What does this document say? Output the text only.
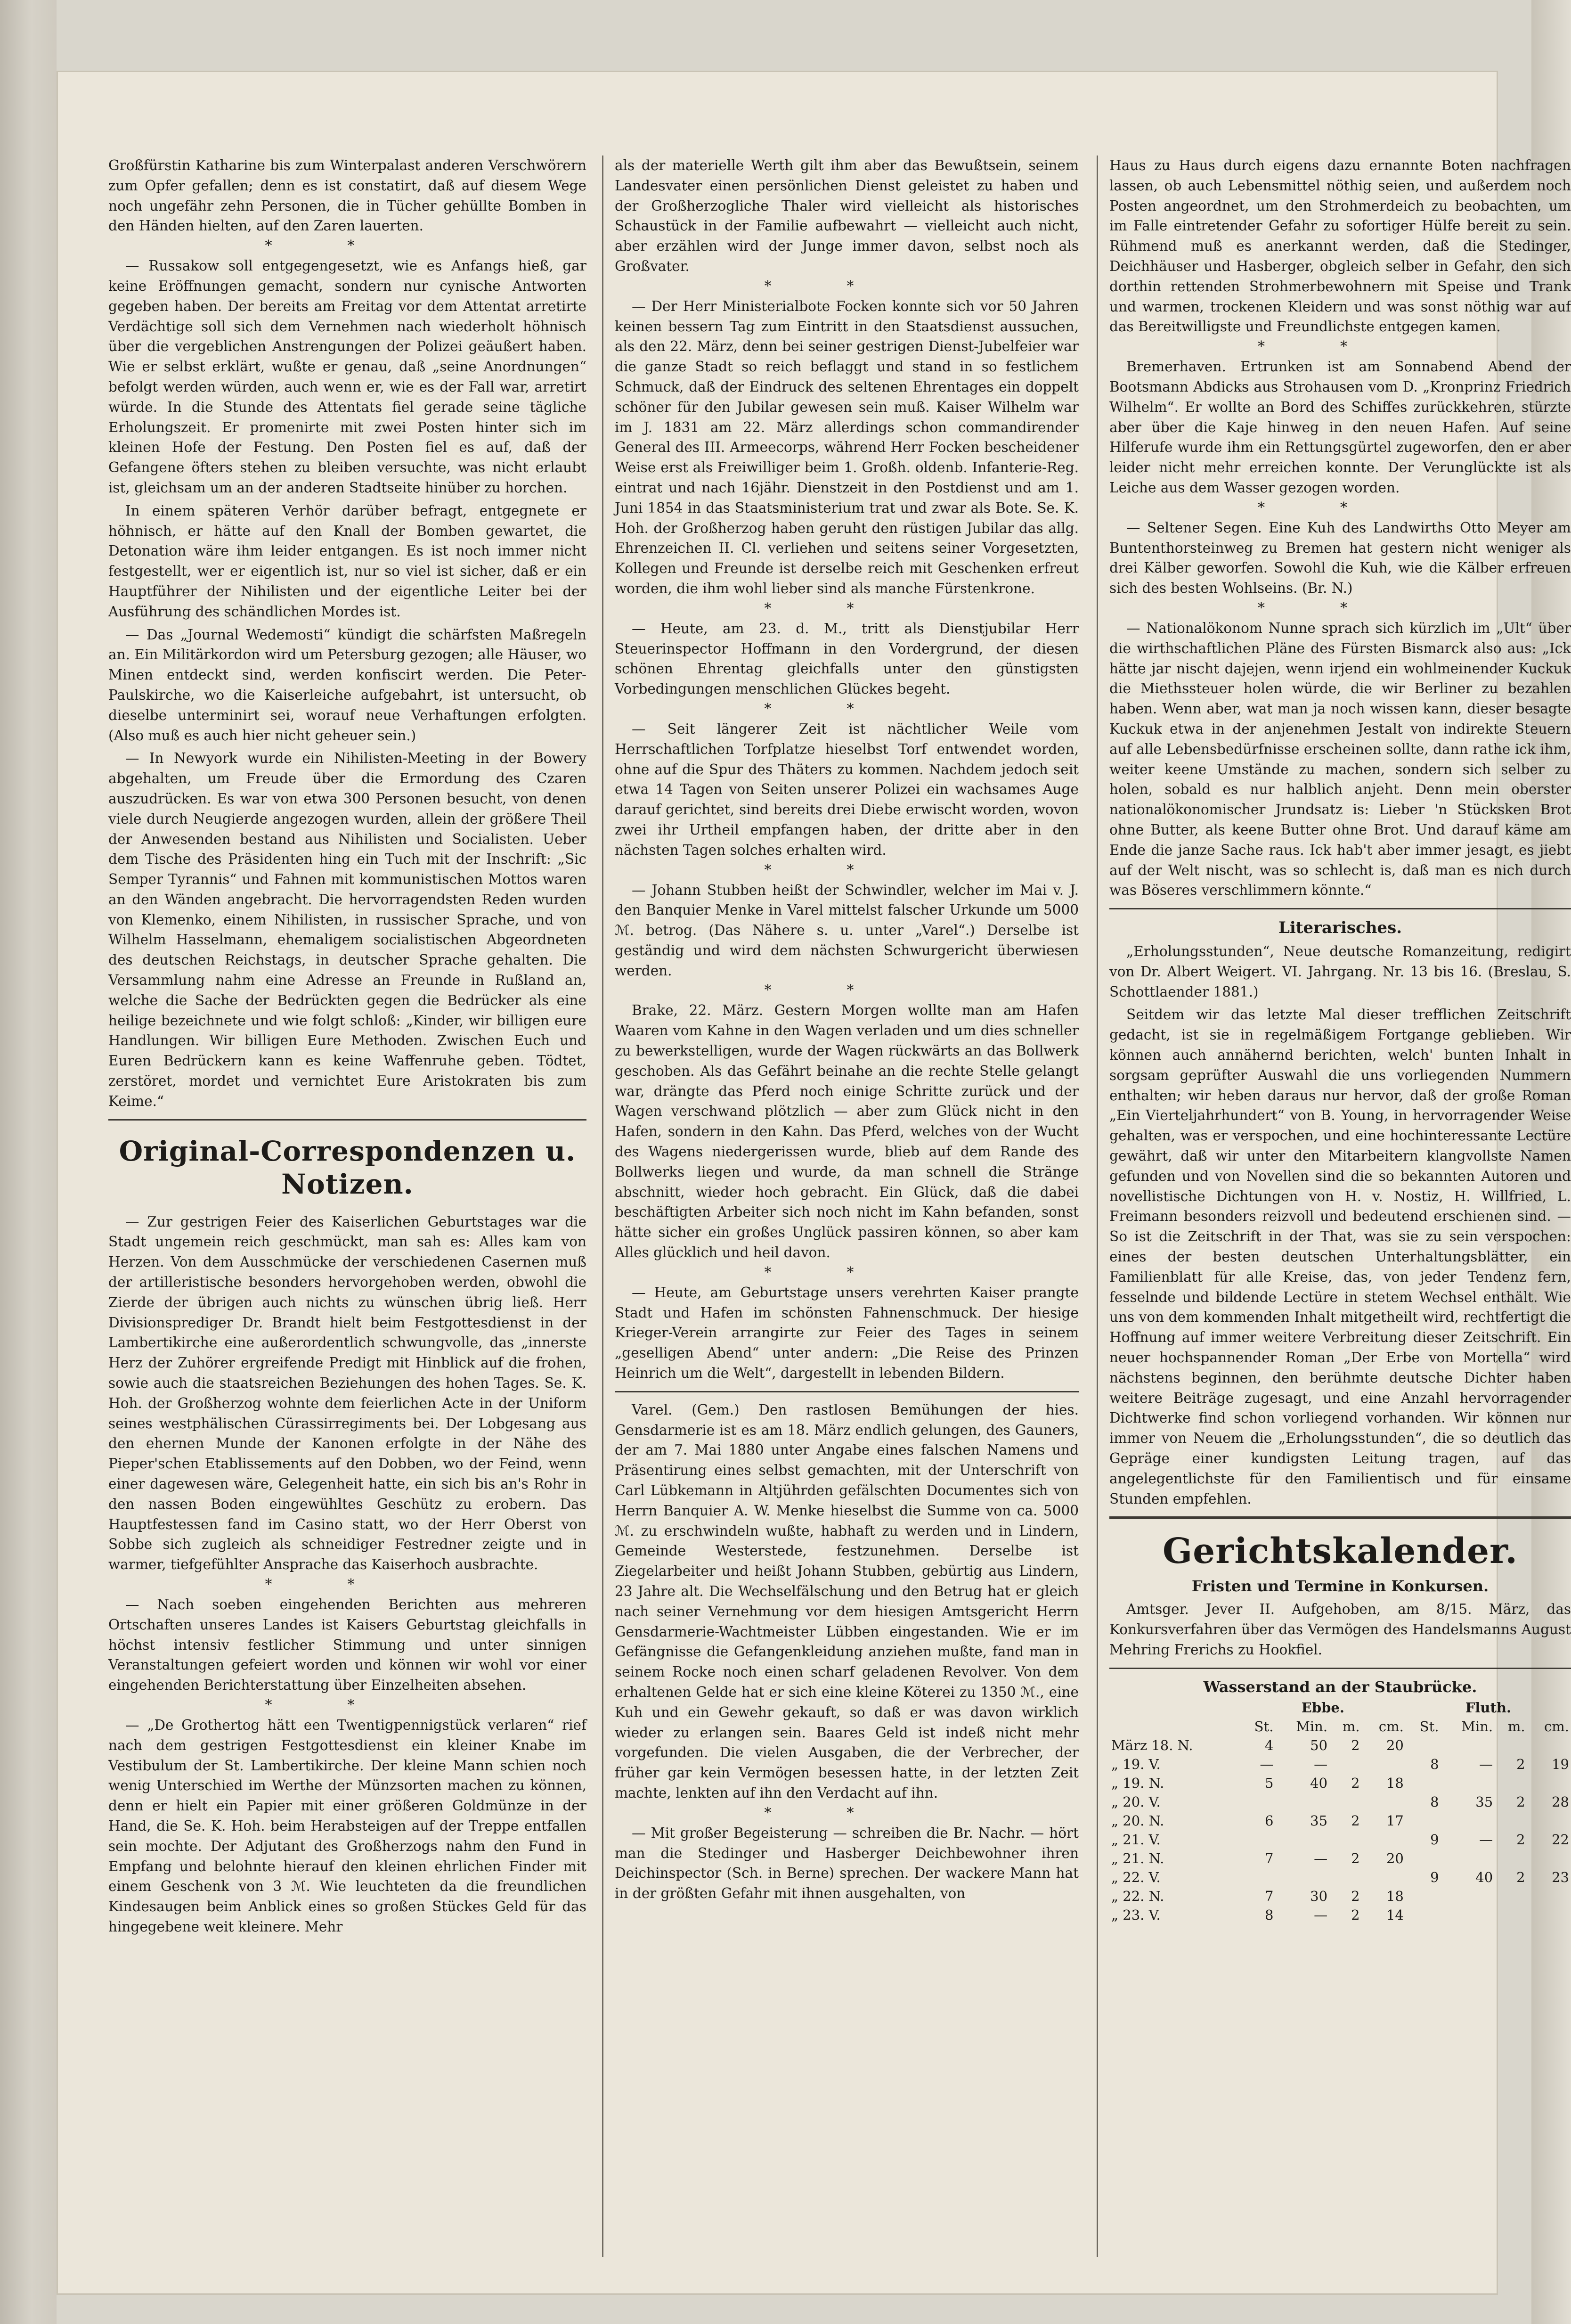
Großfürstin Katharine bis zum Winterpalast anderen Verschwörern zum Opfer gefallen; denn es ist constatirt, daß auf diesem Wege noch ungefähr zehn Personen, die in Tücher gehüllte Bomben in den Händen hielten, auf den Zaren lauerten.

**

— Russakow soll entgegengesetzt, wie es Anfangs hieß, gar keine Eröffnungen gemacht, sondern nur cynische Antworten gegeben haben. Der bereits am Freitag vor dem Attentat arretirte Verdächtige soll sich dem Vernehmen nach wiederholt höhnisch über die vergeblichen Anstrengungen der Polizei geäußert haben. Wie er selbst erklärt, wußte er genau, daß „seine Anordnungen“ befolgt werden würden, auch wenn er, wie es der Fall war, arretirt würde. In die Stunde des Attentats fiel gerade seine tägliche Erholungszeit. Er promenirte mit zwei Posten hinter sich im kleinen Hofe der Festung. Den Posten fiel es auf, daß der Gefangene öfters stehen zu bleiben versuchte, was nicht erlaubt ist, gleichsam um an der anderen Stadtseite hinüber zu horchen.

In einem späteren Verhör darüber befragt, entgegnete er höhnisch, er hätte auf den Knall der Bomben gewartet, die Detonation wäre ihm leider entgangen. Es ist noch immer nicht festgestellt, wer er eigentlich ist, nur so viel ist sicher, daß er ein Hauptführer der Nihilisten und der eigentliche Leiter bei der Ausführung des schändlichen Mordes ist.

— Das „Journal Wedemosti“ kündigt die schärfsten Maßregeln an. Ein Militärkordon wird um Petersburg gezogen; alle Häuser, wo Minen entdeckt sind, werden konfiscirt werden. Die Peter-Paulskirche, wo die Kaiserleiche aufgebahrt, ist untersucht, ob dieselbe unterminirt sei, worauf neue Verhaftungen erfolgten. (Also muß es auch hier nicht geheuer sein.)

— In Newyork wurde ein Nihilisten-Meeting in der Bowery abgehalten, um Freude über die Ermordung des Czaren auszudrücken. Es war von etwa 300 Personen besucht, von denen viele durch Neugierde angezogen wurden, allein der größere Theil der Anwesenden bestand aus Nihilisten und Socialisten. Ueber dem Tische des Präsidenten hing ein Tuch mit der Inschrift: „Sic Semper Tyrannis“ und Fahnen mit kommunistischen Mottos waren an den Wänden angebracht. Die hervorragendsten Reden wurden von Klemenko, einem Nihilisten, in russischer Sprache, und von Wilhelm Hasselmann, ehemaligem socialistischen Abgeordneten des deutschen Reichstags, in deutscher Sprache gehalten. Die Versammlung nahm eine Adresse an Freunde in Rußland an, welche die Sache der Bedrückten gegen die Bedrücker als eine heilige bezeichnete und wie folgt schloß: „Kinder, wir billigen eure Handlungen. Wir billigen Eure Methoden. Zwischen Euch und Euren Bedrückern kann es keine Waffenruhe geben. Tödtet, zerstöret, mordet und vernichtet Eure Aristokraten bis zum Keime.“

Original-Correspondenzen u. Notizen.

— Zur gestrigen Feier des Kaiserlichen Geburtstages war die Stadt ungemein reich geschmückt, man sah es: Alles kam von Herzen. Von dem Ausschmücke der verschiedenen Casernen muß der artilleristische besonders hervorgehoben werden, obwohl die Zierde der übrigen auch nichts zu wünschen übrig ließ. Herr Divisionsprediger Dr. Brandt hielt beim Festgottesdienst in der Lambertikirche eine außerordentlich schwungvolle, das „innerste Herz der Zuhörer ergreifende Predigt mit Hinblick auf die frohen, sowie auch die staatsreichen Beziehungen des hohen Tages. Se. K. Hoh. der Großherzog wohnte dem feierlichen Acte in der Uniform seines westphälischen Cürassirregiments bei. Der Lobgesang aus den ehernen Munde der Kanonen erfolgte in der Nähe des Pieper'schen Etablissements auf den Dobben, wo der Feind, wenn einer dagewesen wäre, Gelegenheit hatte, ein sich bis an's Rohr in den nassen Boden eingewühltes Geschütz zu erobern. Das Hauptfestessen fand im Casino statt, wo der Herr Oberst von Sobbe sich zugleich als schneidiger Festredner zeigte und in warmer, tiefgefühlter Ansprache das Kaiserhoch ausbrachte.

**

— Nach soeben eingehenden Berichten aus mehreren Ortschaften unseres Landes ist Kaisers Geburtstag gleichfalls in höchst intensiv festlicher Stimmung und unter sinnigen Veranstaltungen gefeiert worden und können wir wohl vor einer eingehenden Berichterstattung über Einzelheiten absehen.

**

— „De Grothertog hätt een Twentigpennigstück verlaren“ rief nach dem gestrigen Festgottesdienst ein kleiner Knabe im Vestibulum der St. Lambertikirche. Der kleine Mann schien noch wenig Unterschied im Werthe der Münzsorten machen zu können, denn er hielt ein Papier mit einer größeren Goldmünze in der Hand, die Se. K. Hoh. beim Herabsteigen auf der Treppe entfallen sein mochte. Der Adjutant des Großherzogs nahm den Fund in Empfang und belohnte hierauf den kleinen ehrlichen Finder mit einem Geschenk von 3 ℳ. Wie leuchteten da die freundlichen Kindesaugen beim Anblick eines so großen Stückes Geld für das hingegebene weit kleinere. Mehr

als der materielle Werth gilt ihm aber das Bewußtsein, seinem Landesvater einen persönlichen Dienst geleistet zu haben und der Großherzogliche Thaler wird vielleicht als historisches Schaustück in der Familie aufbewahrt — vielleicht auch nicht, aber erzählen wird der Junge immer davon, selbst noch als Großvater.

**

— Der Herr Ministerialbote Focken konnte sich vor 50 Jahren keinen bessern Tag zum Eintritt in den Staatsdienst aussuchen, als den 22. März, denn bei seiner gestrigen Dienst-Jubelfeier war die ganze Stadt so reich beflaggt und stand in so festlichem Schmuck, daß der Eindruck des seltenen Ehrentages ein doppelt schöner für den Jubilar gewesen sein muß. Kaiser Wilhelm war im J. 1831 am 22. März allerdings schon commandirender General des III. Armeecorps, während Herr Focken bescheidener Weise erst als Freiwilliger beim 1. Großh. oldenb. Infanterie-Reg. eintrat und nach 16jähr. Dienstzeit in den Postdienst und am 1. Juni 1854 in das Staatsministerium trat und zwar als Bote. Se. K. Hoh. der Großherzog haben geruht den rüstigen Jubilar das allg. Ehrenzeichen II. Cl. verliehen und seitens seiner Vorgesetzten, Kollegen und Freunde ist derselbe reich mit Geschenken erfreut worden, die ihm wohl lieber sind als manche Fürstenkrone.

**

— Heute, am 23. d. M., tritt als Dienstjubilar Herr Steuerinspector Hoffmann in den Vordergrund, der diesen schönen Ehrentag gleichfalls unter den günstigsten Vorbedingungen menschlichen Glückes begeht.

**

— Seit längerer Zeit ist nächtlicher Weile vom Herrschaftlichen Torfplatze hieselbst Torf entwendet worden, ohne auf die Spur des Thäters zu kommen. Nachdem jedoch seit etwa 14 Tagen von Seiten unserer Polizei ein wachsames Auge darauf gerichtet, sind bereits drei Diebe erwischt worden, wovon zwei ihr Urtheil empfangen haben, der dritte aber in den nächsten Tagen solches erhalten wird.

**

— Johann Stubben heißt der Schwindler, welcher im Mai v. J. den Banquier Menke in Varel mittelst falscher Urkunde um 5000 ℳ. betrog. (Das Nähere s. u. unter „Varel“.) Derselbe ist geständig und wird dem nächsten Schwurgericht überwiesen werden.

**

Brake, 22. März. Gestern Morgen wollte man am Hafen Waaren vom Kahne in den Wagen verladen und um dies schneller zu bewerkstelligen, wurde der Wagen rückwärts an das Bollwerk geschoben. Als das Gefährt beinahe an die rechte Stelle gelangt war, drängte das Pferd noch einige Schritte zurück und der Wagen verschwand plötzlich — aber zum Glück nicht in den Hafen, sondern in den Kahn. Das Pferd, welches von der Wucht des Wagens niedergerissen wurde, blieb auf dem Rande des Bollwerks liegen und wurde, da man schnell die Stränge abschnitt, wieder hoch gebracht. Ein Glück, daß die dabei beschäftigten Arbeiter sich noch nicht im Kahn befanden, sonst hätte sicher ein großes Unglück passiren können, so aber kam Alles glücklich und heil davon.

**

— Heute, am Geburtstage unsers verehrten Kaiser prangte Stadt und Hafen im schönsten Fahnenschmuck. Der hiesige Krieger-Verein arrangirte zur Feier des Tages in seinem „geselligen Abend“ unter andern: „Die Reise des Prinzen Heinrich um die Welt“, dargestellt in lebenden Bildern.

Varel. (Gem.) Den rastlosen Bemühungen der hies. Gensdarmerie ist es am 18. März endlich gelungen, des Gauners, der am 7. Mai 1880 unter Angabe eines falschen Namens und Präsentirung eines selbst gemachten, mit der Unterschrift von Carl Lübkemann in Altjührden gefälschten Documentes sich von Herrn Banquier A. W. Menke hieselbst die Summe von ca. 5000 ℳ. zu erschwindeln wußte, habhaft zu werden und in Lindern, Gemeinde Westerstede, festzunehmen. Derselbe ist Ziegelarbeiter und heißt Johann Stubben, gebürtig aus Lindern, 23 Jahre alt. Die Wechselfälschung und den Betrug hat er gleich nach seiner Vernehmung vor dem hiesigen Amtsgericht Herrn Gensdarmerie-Wachtmeister Lübben eingestanden. Wie er im Gefängnisse die Gefangenkleidung anziehen mußte, fand man in seinem Rocke noch einen scharf geladenen Revolver. Von dem erhaltenen Gelde hat er sich eine kleine Köterei zu 1350 ℳ., eine Kuh und ein Gewehr gekauft, so daß er was davon wirklich wieder zu erlangen sein. Baares Geld ist indeß nicht mehr vorgefunden. Die vielen Ausgaben, die der Verbrecher, der früher gar kein Vermögen besessen hatte, in der letzten Zeit machte, lenkten auf ihn den Verdacht auf ihn.

**

— Mit großer Begeisterung — schreiben die Br. Nachr. — hört man die Stedinger und Hasberger Deichbewohner ihren Deichinspector (Sch. in Berne) sprechen. Der wackere Mann hat in der größten Gefahr mit ihnen ausgehalten, von

Haus zu Haus durch eigens dazu ernannte Boten nachfragen lassen, ob auch Lebensmittel nöthig seien, und außerdem noch Posten angeordnet, um den Strohmerdeich zu beobachten, um im Falle eintretender Gefahr zu sofortiger Hülfe bereit zu sein. Rühmend muß es anerkannt werden, daß die Stedinger, Deichhäuser und Hasberger, obgleich selber in Gefahr, den sich dorthin rettenden Strohmerbewohnern mit Speise und Trank und warmen, trockenen Kleidern und was sonst nöthig war auf das Bereitwilligste und Freundlichste entgegen kamen.

**

Bremerhaven. Ertrunken ist am Sonnabend Abend der Bootsmann Abdicks aus Strohausen vom D. „Kronprinz Friedrich Wilhelm“. Er wollte an Bord des Schiffes zurückkehren, stürzte aber über die Kaje hinweg in den neuen Hafen. Auf seine Hilferufe wurde ihm ein Rettungsgürtel zugeworfen, den er aber leider nicht mehr erreichen konnte. Der Verunglückte ist als Leiche aus dem Wasser gezogen worden.

**

— Seltener Segen. Eine Kuh des Landwirths Otto Meyer am Buntenthorsteinweg zu Bremen hat gestern nicht weniger als drei Kälber geworfen. Sowohl die Kuh, wie die Kälber erfreuen sich des besten Wohlseins. (Br. N.)

**

— Nationalökonom Nunne sprach sich kürzlich im „Ult“ über die wirthschaftlichen Pläne des Fürsten Bismarck also aus: „Ick hätte jar nischt dajejen, wenn irjend ein wohlmeinender Kuckuk die Miethssteuer holen würde, die wir Berliner zu bezahlen haben. Wenn aber, wat man ja noch wissen kann, dieser besagte Kuckuk etwa in der anjenehmen Jestalt von indirekte Steuern auf alle Lebensbedürfnisse erscheinen sollte, dann rathe ick ihm, weiter keene Umstände zu machen, sondern sich selber zu holen, sobald es nur halblich anjeht. Denn mein oberster nationalökonomischer Jrundsatz is: Lieber 'n Stücksken Brot ohne Butter, als keene Butter ohne Brot. Und darauf käme am Ende die janze Sache raus. Ick hab't aber immer jesagt, es jiebt auf der Welt nischt, was so schlecht is, daß man es nich durch was Böseres verschlimmern könnte.“

Literarisches.

„Erholungsstunden“, Neue deutsche Romanzeitung, redigirt von Dr. Albert Weigert. VI. Jahrgang. Nr. 13 bis 16. (Breslau, S. Schottlaender 1881.)

Seitdem wir das letzte Mal dieser trefflichen Zeitschrift gedacht, ist sie in regelmäßigem Fortgange geblieben. Wir können auch annähernd berichten, welch' bunten Inhalt in sorgsam geprüfter Auswahl die uns vorliegenden Nummern enthalten; wir heben daraus nur hervor, daß der große Roman „Ein Vierteljahrhundert“ von B. Young, in hervorragender Weise gehalten, was er verspochen, und eine hochinteressante Lectüre gewährt, daß wir unter den Mitarbeitern klangvollste Namen gefunden und von Novellen sind die so bekannten Autoren und novellistische Dichtungen von H. v. Nostiz, H. Willfried, L. Freimann besonders reizvoll und bedeutend erschienen sind. — So ist die Zeitschrift in der That, was sie zu sein verspochen: eines der besten deutschen Unterhaltungsblätter, ein Familienblatt für alle Kreise, das, von jeder Tendenz fern, fesselnde und bildende Lectüre in stetem Wechsel enthält. Wie uns von dem kommenden Inhalt mitgetheilt wird, rechtfertigt die Hoffnung auf immer weitere Verbreitung dieser Zeitschrift. Ein neuer hochspannender Roman „Der Erbe von Mortella“ wird nächstens beginnen, den berühmte deutsche Dichter haben weitere Beiträge zugesagt, und eine Anzahl hervorragender Dichtwerke find schon vorliegend vorhanden. Wir können nur immer von Neuem die „Erholungsstunden“, die so deutlich das Gepräge einer kundigsten Leitung tragen, auf das angelegentlichste für den Familientisch und für einsame Stunden empfehlen.

Gerichtskalender.
Fristen und Termine in Konkursen.

Amtsger. Jever II. Aufgehoben, am 8/15. März, das Konkursverfahren über das Vermögen des Handelsmanns August Mehring Frerichs zu Hookfiel.

Wasserstand an der Staubrücke.
	Ebbe.				Fluth.			
	St.	Min.	m.	cm.	St.	Min.	m.	cm.
März 18. N.	4	50	2	20				
„ 19. V.	—	—			8	—	2	19
„ 19. N.	5	40	2	18				
„ 20. V.					8	35	2	28
„ 20. N.	6	35	2	17				
„ 21. V.					9	—	2	22
„ 21. N.	7	—	2	20				
„ 22. V.					9	40	2	23
„ 22. N.	7	30	2	18				
„ 23. V.	8	—	2	14				
